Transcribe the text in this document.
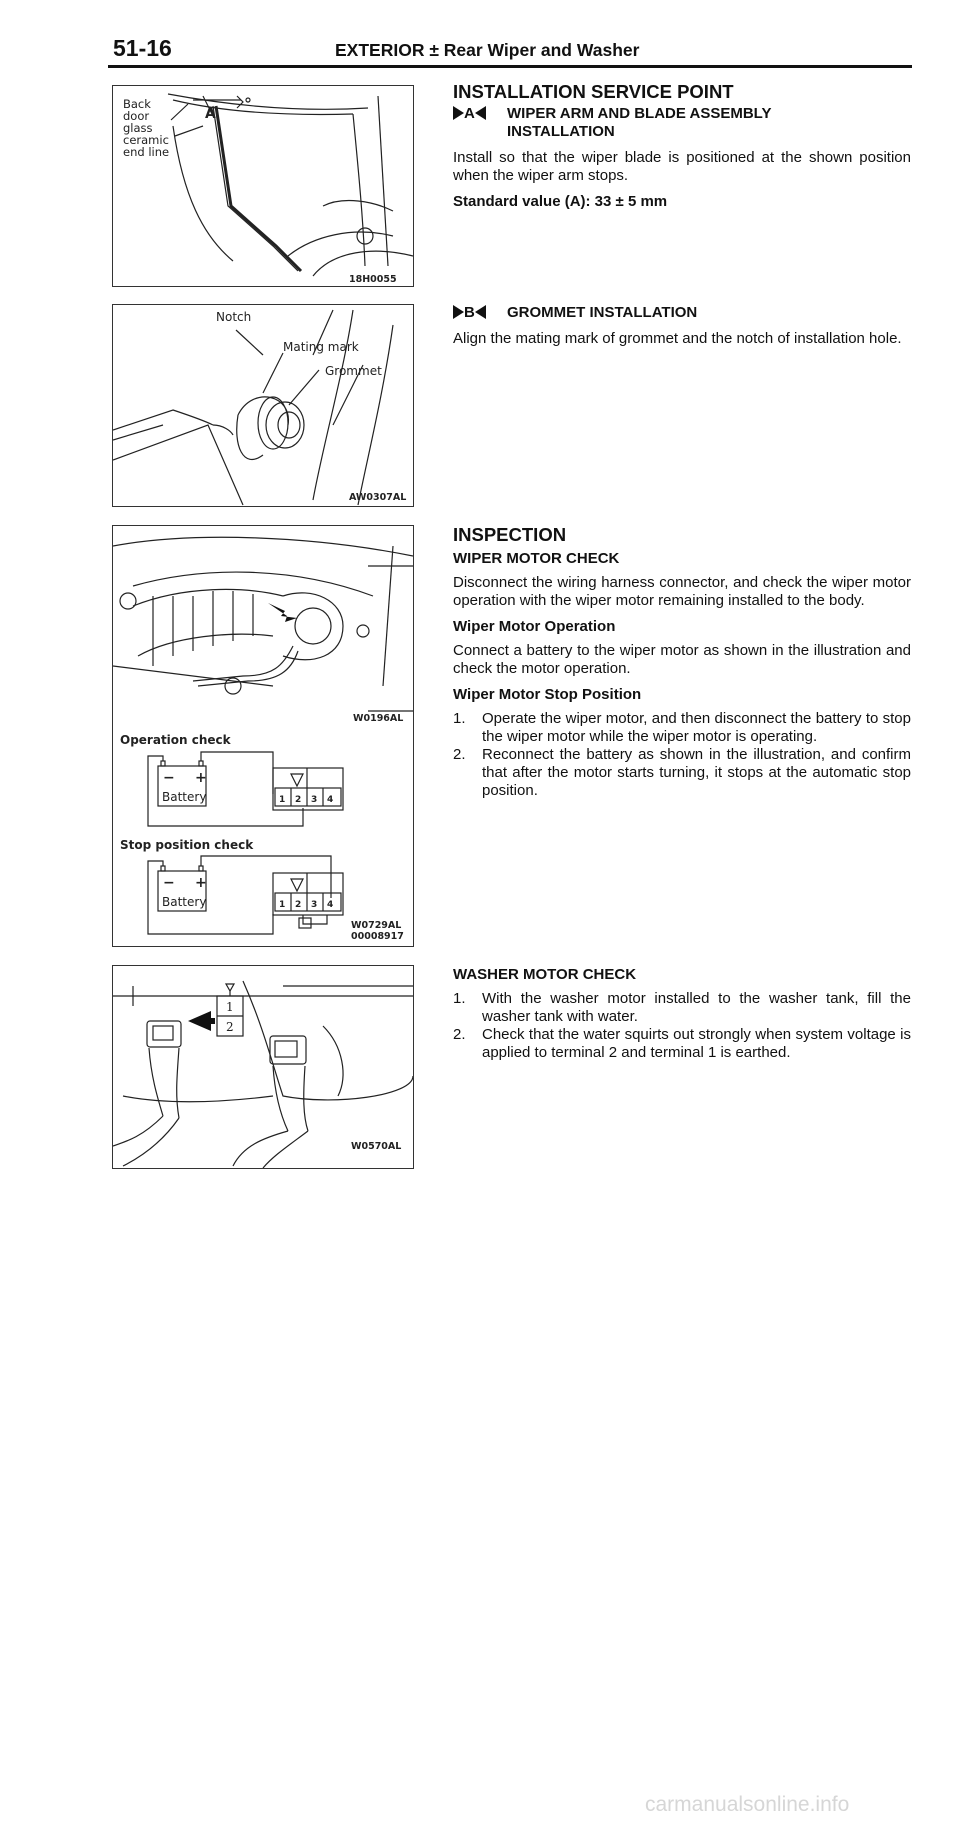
51-16	EXTERIOR ± Rear Wiper and Washer
Back
door
glass
ceramic
end line
A
18H0055
Notch
Mating mark
Grommet
AW0307AL
W0196AL
Operation check
Stop position check
− +
Battery	1 2 3 4
− +
Battery	1 2 3 4
W0729AL
00008917
1
2
W0570AL

INSTALLATION SERVICE POINT

A	WIPER ARM AND BLADE ASSEMBLY
INSTALLATION

Install so that the wiper blade is positioned at the shown position when the wiper arm stops.

Standard value (A): 33 ± 5 mm

B	GROMMET INSTALLATION

Align the mating mark of grommet and the notch of installation hole.

INSPECTION

WIPER MOTOR CHECK

Disconnect the wiring harness connector, and check the wiper motor operation with the wiper motor remaining installed to the body.

Wiper Motor Operation

Connect a battery to the wiper motor as shown in the illustration and check the motor operation.

Wiper Motor Stop Position

1. Operate the wiper motor, and then disconnect the battery to stop the wiper motor while the wiper motor is operating.
2. Reconnect the battery as shown in the illustration, and confirm that after the motor starts turning, it stops at the automatic stop position.

WASHER MOTOR CHECK

1. With the washer motor installed to the washer tank, fill the washer tank with water.
2. Check that the water squirts out strongly when system voltage is applied to terminal 2 and terminal 1 is earthed.
carmanualsonline.info
